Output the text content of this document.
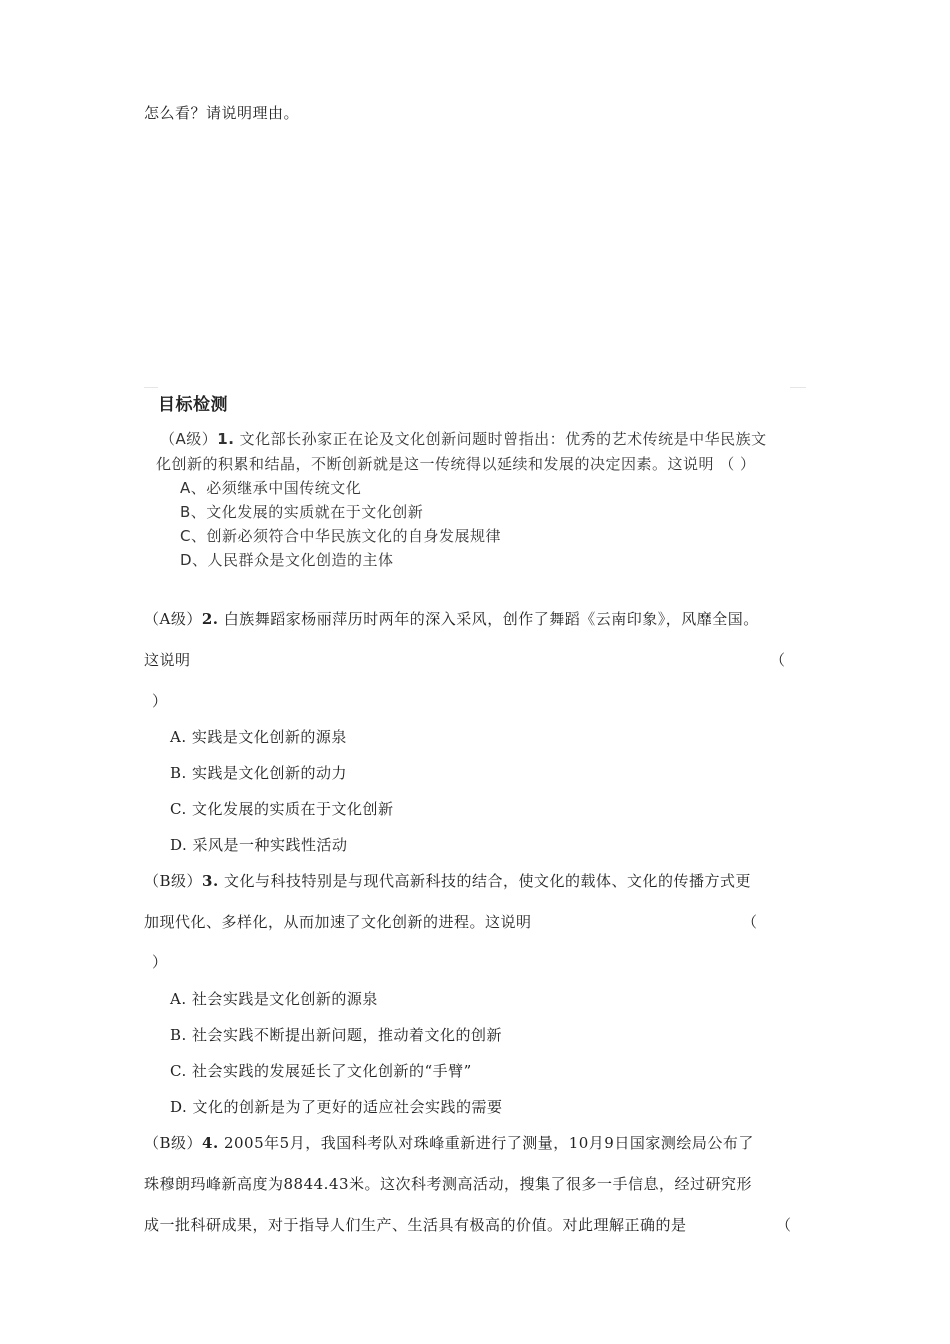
怎么看？请说明理由。
目标检测
（A级）1. 文化部长孙家正在论及文化创新问题时曾指出：优秀的艺术传统是中华民族文
化创新的积累和结晶，不断创新就是这一传统得以延续和发展的决定因素。这说明 （ ）
A、必须继承中国传统文化
B、文化发展的实质就在于文化创新
C、创新必须符合中华民族文化的自身发展规律
D、人民群众是文化创造的主体
（A级）2. 白族舞蹈家杨丽萍历时两年的深入采风，创作了舞蹈《云南印象》，风靡全国。
这说明	（
）
A. 实践是文化创新的源泉
B. 实践是文化创新的动力
C. 文化发展的实质在于文化创新
D. 采风是一种实践性活动
（B级）3. 文化与科技特别是与现代高新科技的结合，使文化的载体、文化的传播方式更
加现代化、多样化，从而加速了文化创新的进程。这说明	（
）
A. 社会实践是文化创新的源泉
B. 社会实践不断提出新问题，推动着文化的创新
C. 社会实践的发展延长了文化创新的“手臂”
D. 文化的创新是为了更好的适应社会实践的需要
（B级）4. 2005年5月，我国科考队对珠峰重新进行了测量，10月9日国家测绘局公布了
珠穆朗玛峰新高度为8844.43米。这次科考测高活动，搜集了很多一手信息，经过研究形
成一批科研成果，对于指导人们生产、生活具有极高的价值。对此理解正确的是	（
